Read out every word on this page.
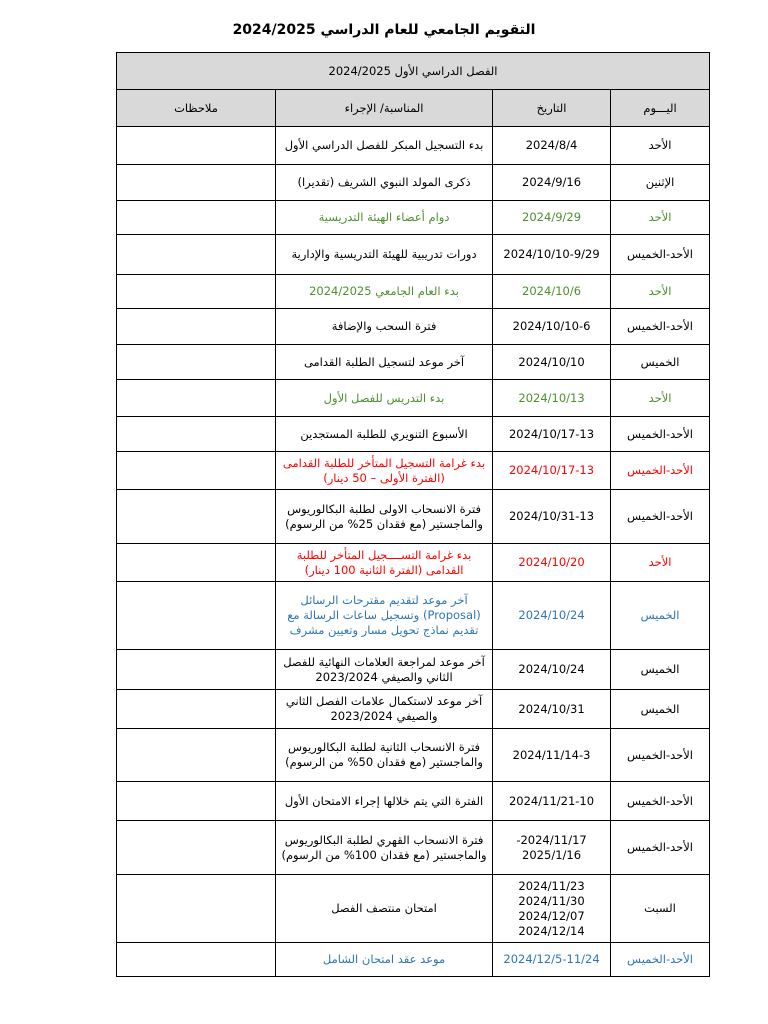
التقويم الجامعي للعام الدراسي 2024/2025
الفصل الدراسي الأول 2024/2025			
اليـــوم	التاريخ	المناسبة/ الإجراء	ملاحظات
الأحد	2024/8/4	بدء التسجيل المبكر للفصل الدراسي الأول	
الإثنين	2024/9/16	ذكرى المولد النبوي الشريف (تقديرا)	
الأحد	2024/9/29	دوام أعضاء الهيئة التدريسية	
الأحد-الخميس	2024/10/10-9/29	دورات تدريبية للهيئة التدريسية والإدارية	
الأحد	2024/10/6	بدء العام الجامعي 2024/2025	
الأحد-الخميس	2024/10/10-6	فترة السحب والإضافة	
الخميس	2024/10/10	آخر موعد لتسجيل الطلبة القدامى	
الأحد	2024/10/13	بدء التدريس للفصل الأول	
الأحد-الخميس	2024/10/17-13	الأسبوع التنويري للطلبة المستجدين	
الأحد-الخميس	2024/10/17-13	بدء غرامة التسجيل المتأخر للطلبة القدامى (الفترة الأولى – 50 دينار)	
الأحد-الخميس	2024/10/31-13	فترة الانسحاب الاولى لطلبة البكالوريوس والماجستير (مع فقدان 25% من الرسوم)	
الأحد	2024/10/20	بدء غرامة التســــجيل المتأخر للطلبة القدامى (الفترة الثانية 100 دينار)	
الخميس	2024/10/24	آخر موعد لتقديم مقترحات الرسائل (Proposal) وتسجيل ساعات الرسالة مع تقديم نماذج تحويل مسار وتعيين مشرف	
الخميس	2024/10/24	آخر موعد لمراجعة العلامات النهائية للفصل الثاني والصيفي 2023/2024	
الخميس	2024/10/31	آخر موعد لاستكمال علامات الفصل الثاني والصيفي 2023/2024	
الأحد-الخميس	2024/11/14-3	فترة الانسحاب الثانية لطلبة البكالوريوس والماجستير (مع فقدان 50% من الرسوم)	
الأحد-الخميس	2024/11/21-10	الفترة التي يتم خلالها إجراء الامتحان الأول	
الأحد-الخميس	-2024/11/17 2025/1/16	فترة الانسحاب القهري لطلبة البكالوريوس والماجستير (مع فقدان 100% من الرسوم)	
السبت	2024/11/23 2024/11/30 2024/12/07 2024/12/14	امتحان منتصف الفصل	
الأحد-الخميس	2024/12/5-11/24	موعد عقد امتحان الشامل	
